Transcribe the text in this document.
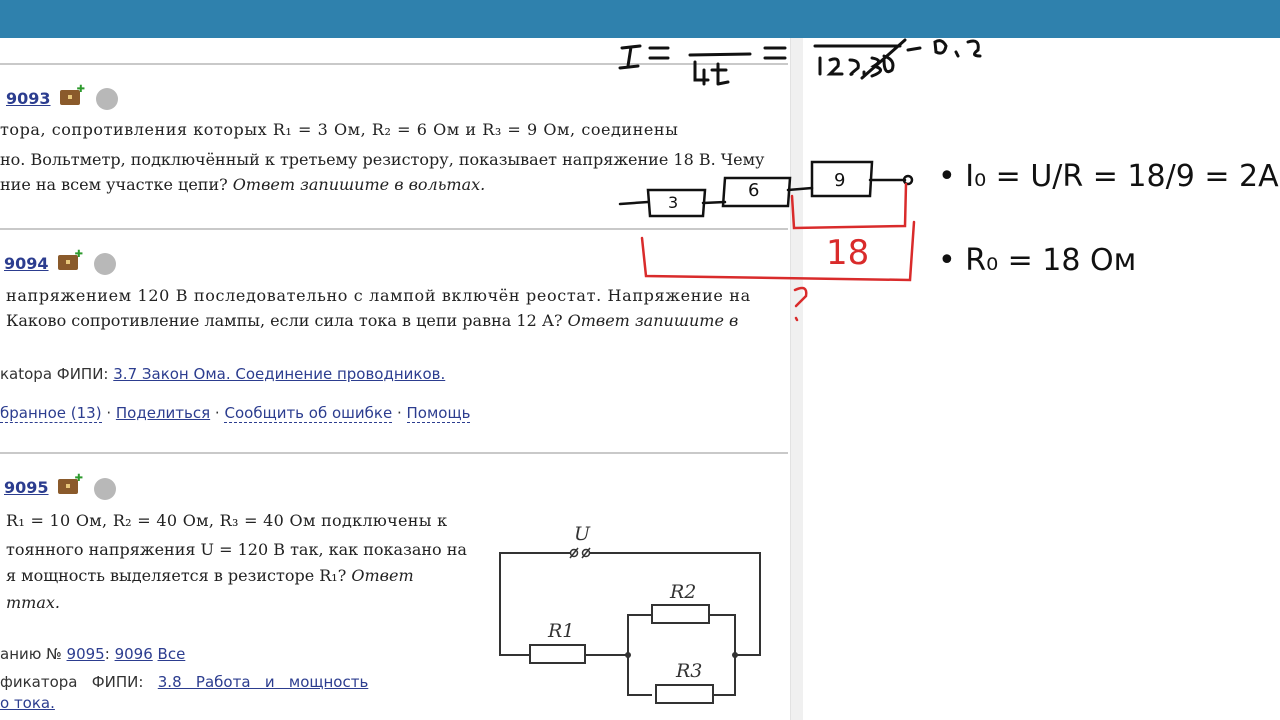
9093	✚
тора, сопротивления которых R₁ = 3 Ом, R₂ = 6 Ом и R₃ = 9 Ом, соединены
но. Вольтметр, подключённый к третьему резистору, показывает напряжение 18 В. Чему
ние на всем участке цепи? Ответ запишите в вольтах.
9094	✚
напряжением 120 В последовательно с лампой включён реостат. Напряжение на
Каково сопротивление лампы, если сила тока в цепи равна 12 А? Ответ запишите в
кatора ФИПИ: 3.7 Закон Ома. Соединение проводников.
бранное (13) · Поделиться · Сообщить об ошибке · Помощь
9095	✚
R₁ = 10 Ом, R₂ = 40 Ом, R₃ = 40 Ом подключены к
тоянного напряжения U = 120 В так, как показано на
я мощность выделяется в резисторе R₁? Ответ
ттах.
анию № 9095: 9096 Все
фикатора   ФИПИ: 3.8   Работа   и   мощность
о тока.
U
R1
R2
R3
3
6	9
18
• I₀ = U/R = 18/9 = 2А
• R₀ = 18 Ом
